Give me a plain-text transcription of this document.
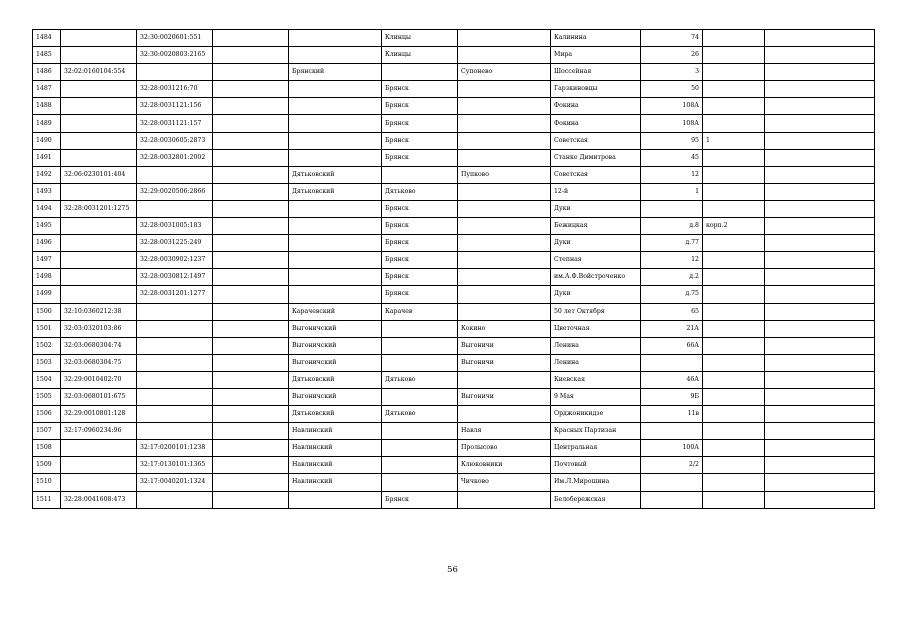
1484		32:30:0020601:551			Клинцы		Калинина	74		
1485		32:30:0020803:2165			Клинцы		Мира	26		
1486	32:02:0160104:554			Брянский		Супонево	Шоссейная	3		
1487		32:28:0031216:70			Брянск		Гарзкиновцы	50		
1488		32:28:0031121:156			Брянск		Фокина	108А		
1489		32:28:0031121:157			Брянск		Фокина	108А		
1490		32:28:0030605:2873			Брянск		Советская	95	1	
1491		32:28:0032801:2002			Брянск		Станке Димитрова	45		
1492	32:06:0230101:404			Дятьковский		Пупково	Советская	12		
1493		32:29:0020506:2866		Дятьковский	Дятьково		12-й	1		
1494	32:28:0031201:1275				Брянск		Дуки			
1495		32:28:0031005:183			Брянск		Бежицкая	д.8	корп.2	
1496		32:28:0031225:249			Брянск		Дуки	д.77		
1497		32:28:0030902:1237			Брянск		Степная	12		
1498		32:28:0030812:1497			Брянск		им.А.Ф.Войстроченко	д.2		
1499		32:28:0031201:1277			Брянск		Дуки	д.75		
1500	32:10:0360212:38			Карачевский	Карачев		50 лет Октября	65		
1501	32:03:0320103:86			Выгоничский		Кокино	Цветочная	21А		
1502	32:03:0680304:74			Выгоничский		Выгоничи	Ленина	66А		
1503	32:03:0680304:75			Выгоничский		Выгоничи	Ленина			
1504	32:29:0010402:70			Дятьковский	Дятьково		Киевская	46А		
1505	32:03:0680101:675			Выгоничский		Выгоничи	9 Мая	9Б		
1506	32:29:0010801:128			Дятьковский	Дятьково		Орджоникидзе	11в		
1507	32:17:0960234:96			Навлинский		Навля	Красных Партизан			
1508		32:17:0200101:1238		Навлинский		Пролысово	Центральная	100А		
1509		32:17:0130101:1365		Навлинский		Клюковники	Почтовый	2/2		
1510		32:17:0040201:1324		Навлинский		Чичково	Им.Л.Мирошина			
1511	32:28:0041608:473				Брянск		Белобережская			
56
